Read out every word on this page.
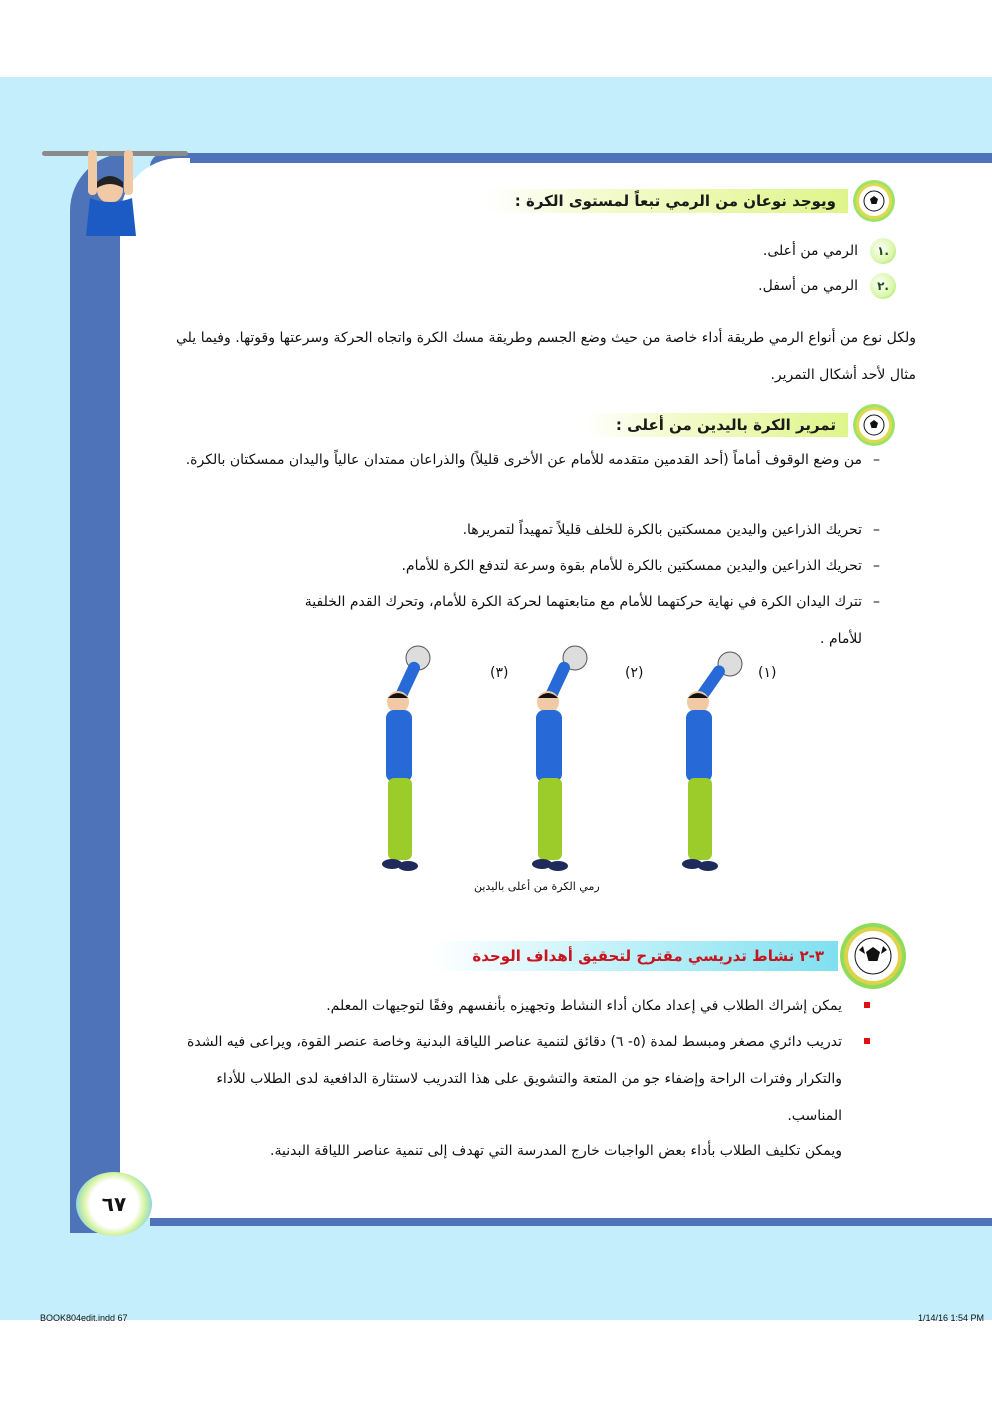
ويوجد نوعان من الرمي تبعاً لمستوى الكرة :
.١
الرمي من أعلى.
.٢
الرمي من أسفل.
ولكل نوع من أنواع الرمي طريقة أداء خاصة من حيث وضع الجسم وطريقة مسك الكرة واتجاه الحركة وسرعتها وقوتها. وفيما يلي مثال لأحد أشكال التمرير.
تمرير الكرة باليدين من أعلى :
–
من وضع الوقوف أماماً (أحد القدمين متقدمه للأمام عن الأخرى قليلاً) والذراعان ممتدان عالياً واليدان ممسكتان بالكرة.
–
تحريك الذراعين واليدين ممسكتين بالكرة للخلف قليلاً تمهيداً لتمريرها.
–
تحريك الذراعين واليدين ممسكتين بالكرة للأمام بقوة وسرعة لتدفع الكرة للأمام.
–
تترك اليدان الكرة في نهاية حركتهما للأمام مع متابعتهما لحركة الكرة للأمام، وتحرك القدم الخلفية للأمام .
(٣)	(٢)	(١)
رمي الكرة من أعلى باليدين
٣-٢ نشاط تدريسي مقترح لتحقيق أهداف الوحدة
يمكن إشراك الطلاب في إعداد مكان أداء النشاط وتجهيزه بأنفسهم وفقًا لتوجيهات المعلم.
تدريب دائري مصغر ومبسط لمدة (٥- ٦) دقائق لتنمية عناصر اللياقة البدنية وخاصة عنصر القوة، ويراعى فيه الشدة والتكرار وفترات الراحة وإضفاء جو من المتعة والتشويق على هذا التدريب لاستثارة الدافعية لدى الطلاب للأداء المناسب.
ويمكن تكليف الطلاب بأداء بعض الواجبات خارج المدرسة التي تهدف إلى تنمية عناصر اللياقة البدنية.
٦٧
BOOK804edit.indd 67	1/14/16 1:54 PM
